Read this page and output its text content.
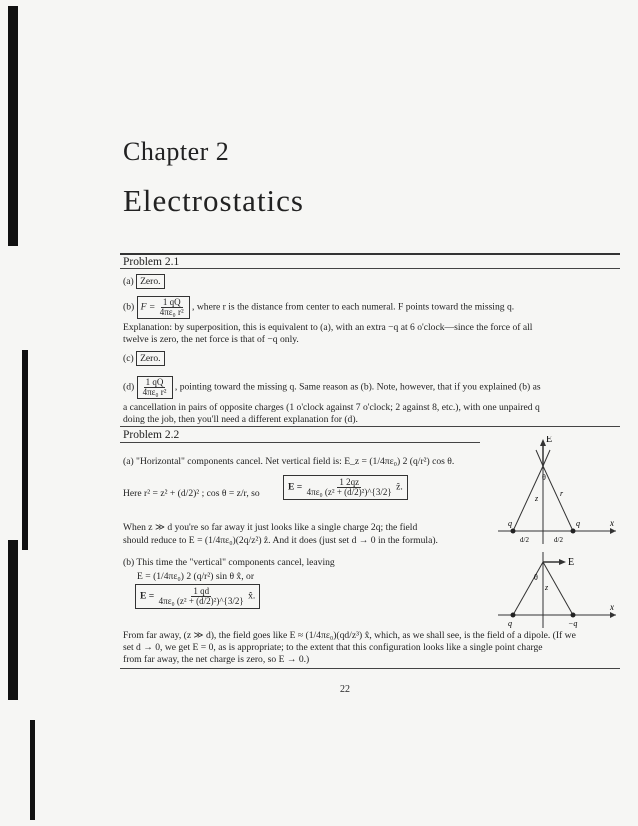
Chapter 2
Electrostatics
Problem 2.1
(a) Zero.
(b) $F = \frac{1 qQ}{\text{4πε₀ r²}}$ , where r is the distance from center to each numeral. F points toward the missing q.
Explanation: by superposition, this is equivalent to (a), with an extra −q at 6 o'clock—since the force of all
twelve is zero, the net force is that of −q only.
(c) Zero.
$(d) \frac{1 qQ}{\text{4πε₀ r²}}$ , pointing toward the missing q. Same reason as (b). Note, however, that if you explained (b) as
a cancellation in pairs of opposite charges (1 o'clock against 7 o'clock; 2 against 8, etc.), with one unpaired q
doing the job, then you'll need a different explanation for (d).
Problem 2.2
(a) "Horizontal" components cancel. Net vertical field is: E_z = (1/4πε₀) 2 (q/r²) cos θ.
Here r² = z² + (d/2)² ; cos θ = z/r, so
$E = \frac{1 2qz}{\text{4πε₀ (z² + (d/2)²)\textasciicircum{}\{3/2\}}}$ ẑ.
When z ≫ d you're so far away it just looks like a single charge 2q; the field
should reduce to E = (1/4πε₀)(2q/z²) ẑ. And it does (just set d → 0 in the formula).
(b) This time the "vertical" components cancel, leaving
E = (1/4πε₀) 2 (q/r²) sin θ x̂, or
$E = \frac{1 qd}{\text{4πε₀ (z² + (d/2)²)\textasciicircum{}\{3/2\}}}$ x̂.
From far away, (z ≫ d), the field goes like E ≈ (1/4πε₀)(qd/z³) x̂, which, as we shall see, is the field of a dipole. (If we
set d → 0, we get E = 0, as is appropriate; to the extent that this configuration looks like a single point charge
from far away, the net charge is zero, so E → 0.)
E
θ
z
r
x
q	q
d/2	d/2
E
θ
z
q	−q
x
22
